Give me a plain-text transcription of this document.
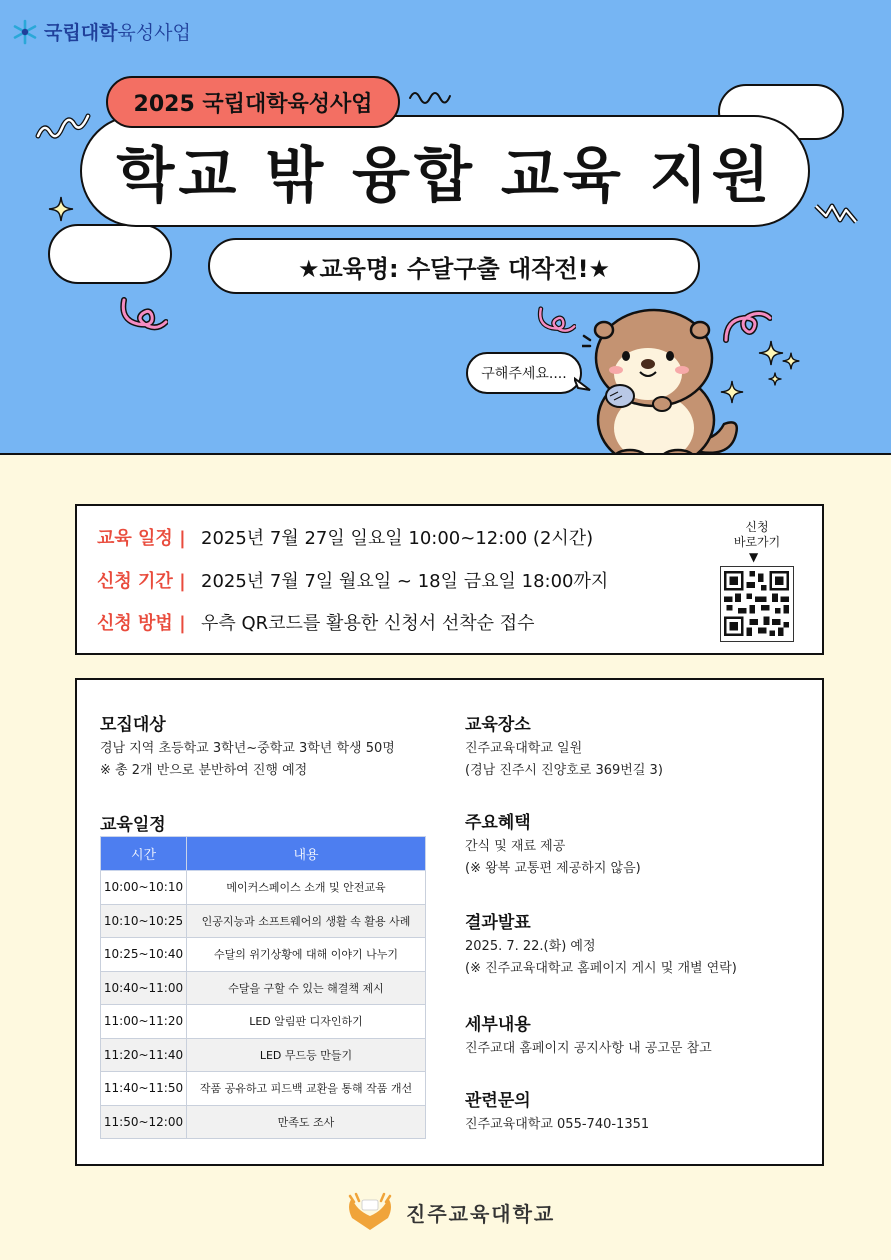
국립대학 육성사업
2025 국립대학육성사업
학교 밖 융합 교육 지원
★교육명: 수달구출 대작전!★
구해주세요....
교육 일정 | 2025년 7월 27일 일요일 10:00~12:00 (2시간)
신청 기간 | 2025년 7월 7일 월요일 ~ 18일 금요일 18:00까지
신청 방법 | 우측 QR코드를 활용한 신청서 선착순 접수
신청
바로가기
▼
모집대상
경남 지역 초등학교 3학년~중학교 3학년 학생 50명
※ 총 2개 반으로 분반하여 진행 예정
교육일정
시간	내용
10:00~10:10	메이커스페이스 소개 및 안전교육
10:10~10:25	인공지능과 소프트웨어의 생활 속 활용 사례
10:25~10:40	수달의 위기상황에 대해 이야기 나누기
10:40~11:00	수달을 구할 수 있는 해결책 제시
11:00~11:20	LED 알림판 디자인하기
11:20~11:40	LED 무드등 만들기
11:40~11:50	작품 공유하고 피드백 교환을 통해 작품 개선
11:50~12:00	만족도 조사
교육장소
진주교육대학교 일원
(경남 진주시 진양호로 369번길 3)
주요혜택
간식 및 재료 제공
(※ 왕복 교통편 제공하지 않음)
결과발표
2025. 7. 22.(화) 예정
(※ 진주교육대학교 홈페이지 게시 및 개별 연락)
세부내용
진주교대 홈페이지 공지사항 내 공고문 참고
관련문의
진주교육대학교 055-740-1351
진주교육대학교
